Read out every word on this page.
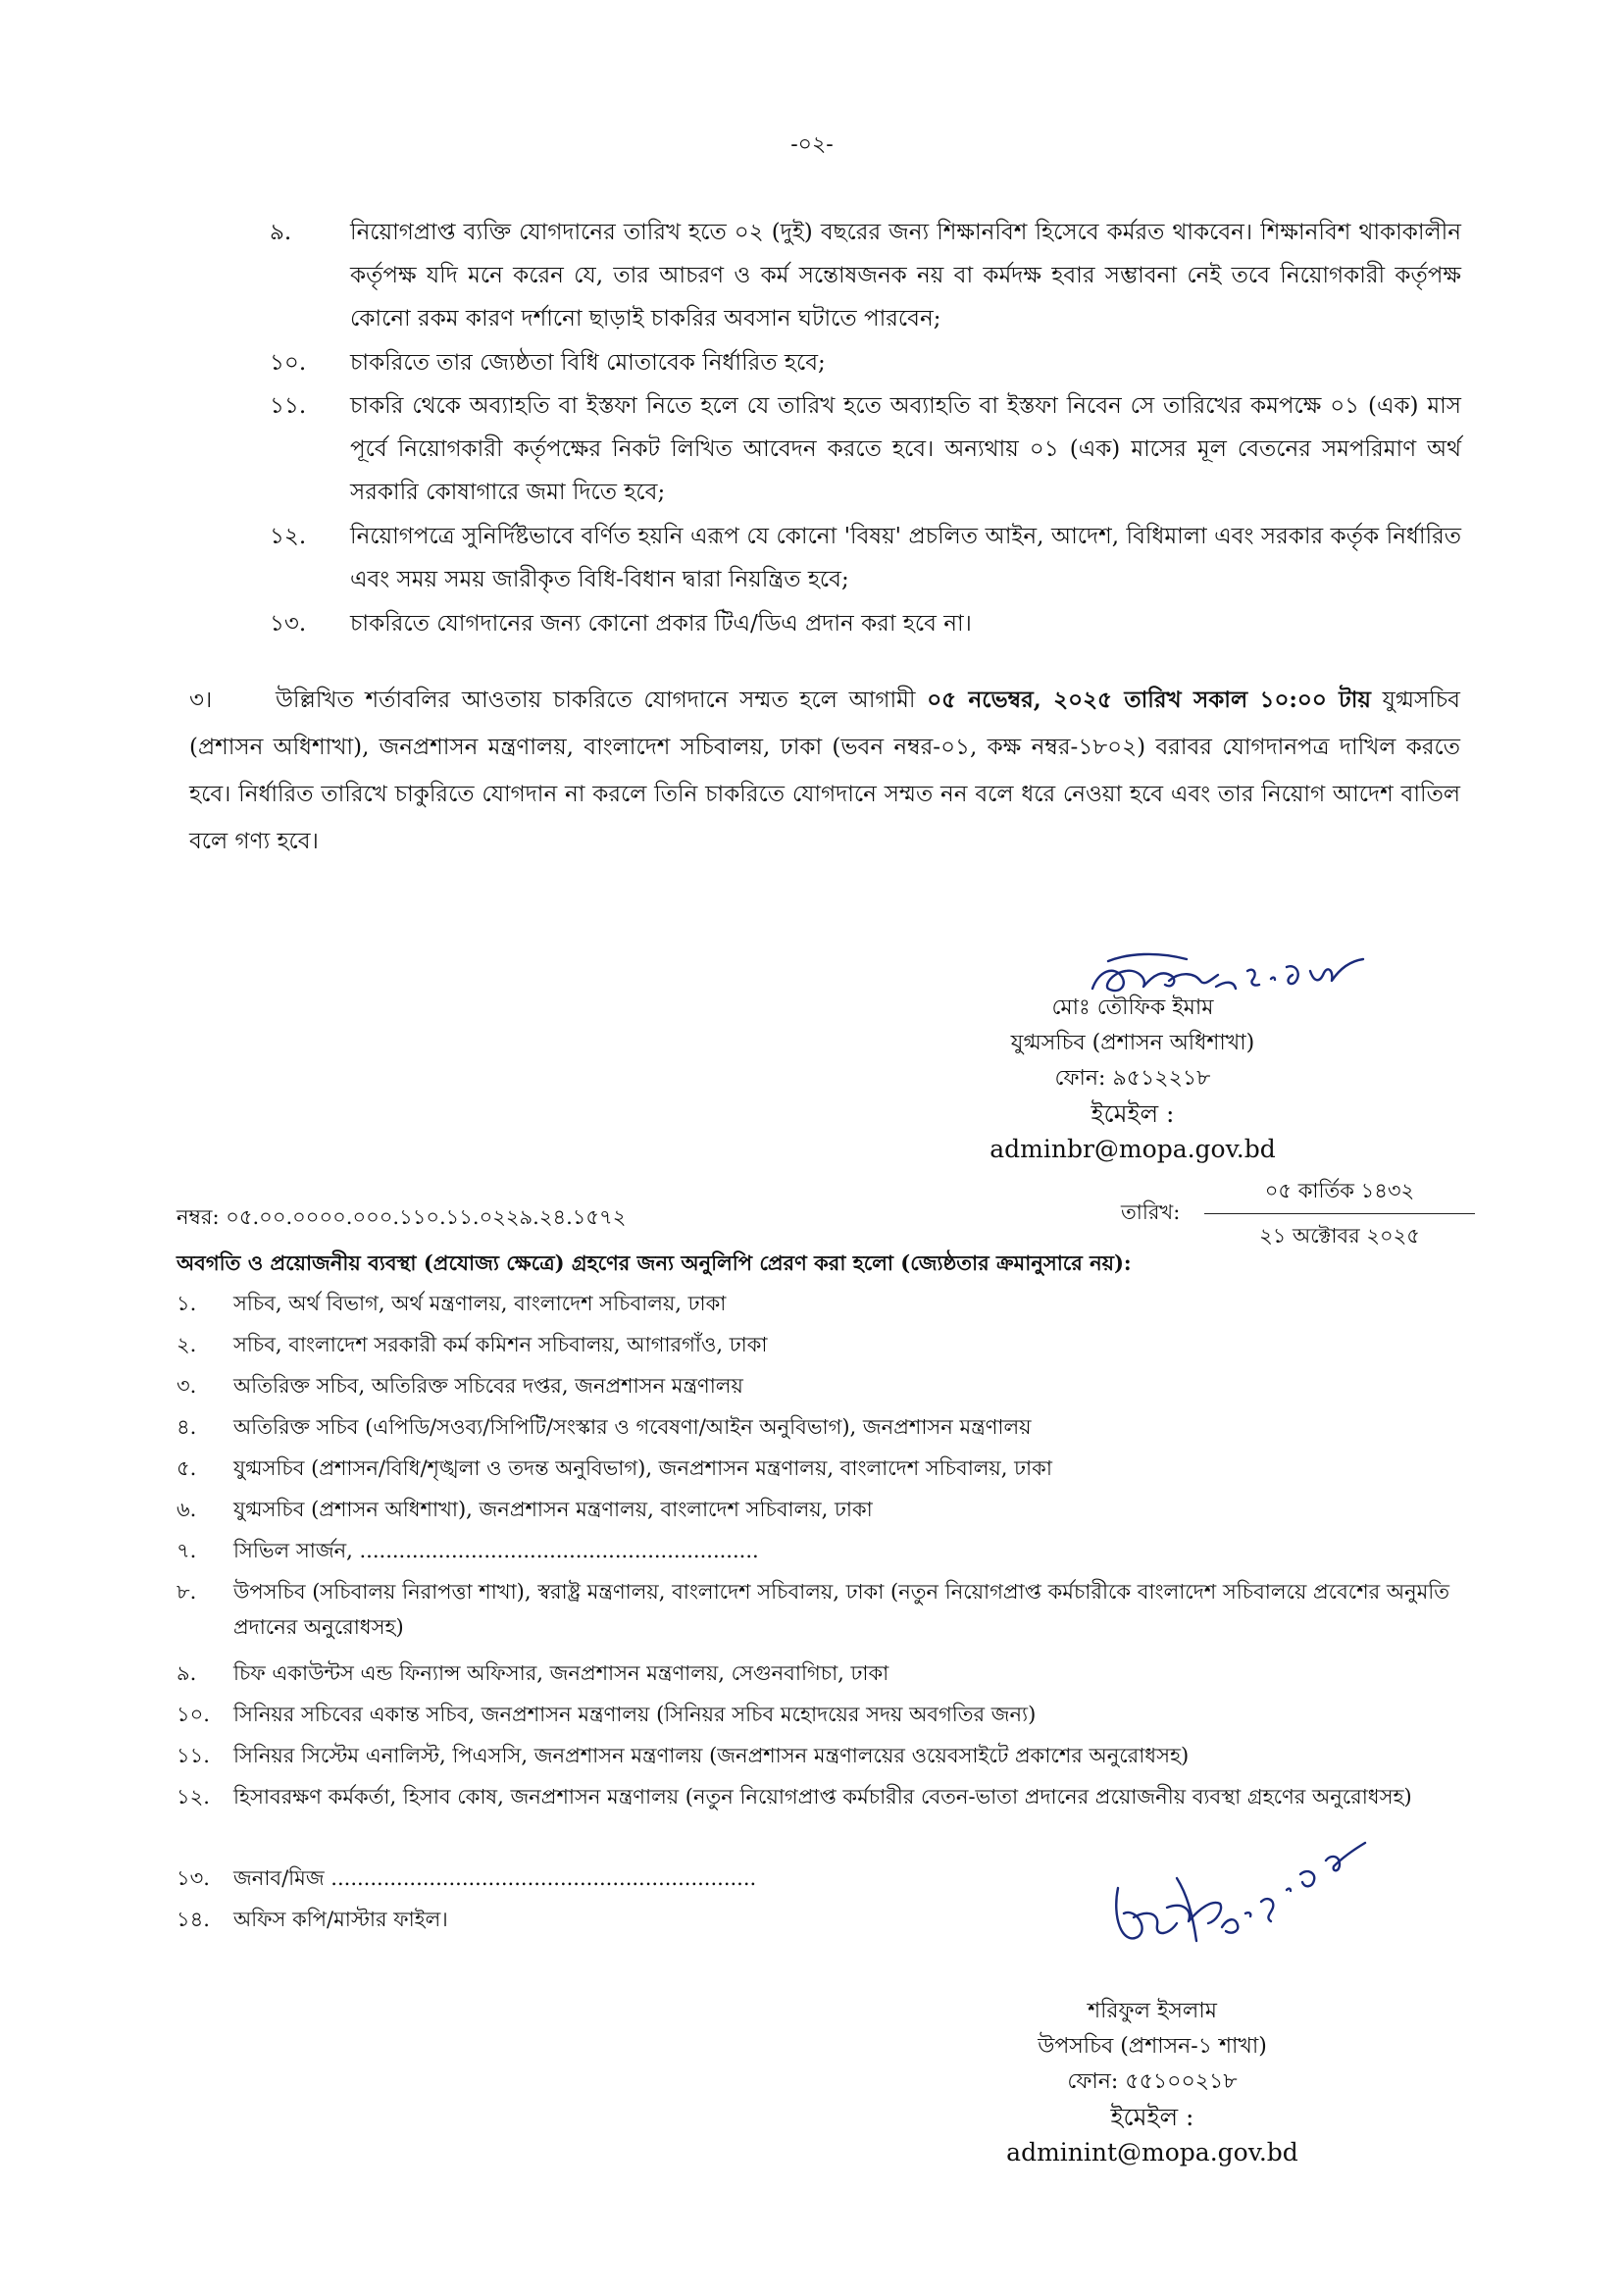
-০২-
৯.	নিয়োগপ্রাপ্ত ব্যক্তি যোগদানের তারিখ হতে ০২ (দুই) বছরের জন্য শিক্ষানবিশ হিসেবে কর্মরত থাকবেন। শিক্ষানবিশ থাকাকালীন কর্তৃপক্ষ যদি মনে করেন যে, তার আচরণ ও কর্ম সন্তোষজনক নয় বা কর্মদক্ষ হবার সম্ভাবনা নেই তবে নিয়োগকারী কর্তৃপক্ষ কোনো রকম কারণ দর্শানো ছাড়াই চাকরির অবসান ঘটাতে পারবেন;
১০. চাকরিতে তার জ্যেষ্ঠতা বিধি মোতাবেক নির্ধারিত হবে;
১১. চাকরি থেকে অব্যাহতি বা ইস্তফা নিতে হলে যে তারিখ হতে অব্যাহতি বা ইস্তফা নিবেন সে তারিখের কমপক্ষে ০১ (এক) মাস পূর্বে নিয়োগকারী কর্তৃপক্ষের নিকট লিখিত আবেদন করতে হবে। অন্যথায় ০১ (এক) মাসের মূল বেতনের সমপরিমাণ অর্থ সরকারি কোষাগারে জমা দিতে হবে;
১২. নিয়োগপত্রে সুনির্দিষ্টভাবে বর্ণিত হয়নি এরূপ যে কোনো 'বিষয়' প্রচলিত আইন, আদেশ, বিধিমালা এবং সরকার কর্তৃক নির্ধারিত এবং সময় সময় জারীকৃত বিধি-বিধান দ্বারা নিয়ন্ত্রিত হবে;
১৩. চাকরিতে যোগদানের জন্য কোনো প্রকার টিএ/ডিএ প্রদান করা হবে না।
৩।	উল্লিখিত শর্তাবলির আওতায় চাকরিতে যোগদানে সম্মত হলে আগামী ০৫ নভেম্বর, ২০২৫ তারিখ সকাল ১০:০০ টায় যুগ্মসচিব (প্রশাসন অধিশাখা), জনপ্রশাসন মন্ত্রণালয়, বাংলাদেশ সচিবালয়, ঢাকা (ভবন নম্বর-০১, কক্ষ নম্বর-১৮০২) বরাবর যোগদানপত্র দাখিল করতে হবে। নির্ধারিত তারিখে চাকুরিতে যোগদান না করলে তিনি চাকরিতে যোগদানে সম্মত নন বলে ধরে নেওয়া হবে এবং তার নিয়োগ আদেশ বাতিল বলে গণ্য হবে।
মোঃ তৌফিক ইমাম
যুগ্মসচিব (প্রশাসন অধিশাখা)
ফোন: ৯৫১২২১৮
ইমেইল : adminbr@mopa.gov.bd
নম্বর: ০৫.০০.০০০০.০০০.১১০.১১.০২২৯.২৪.১৫৭২	তারিখ:
০৫ কার্তিক ১৪৩২
২১ অক্টোবর ২০২৫
অবগতি ও প্রয়োজনীয় ব্যবস্থা (প্রযোজ্য ক্ষেত্রে) গ্রহণের জন্য অনুলিপি প্রেরণ করা হলো (জ্যেষ্ঠতার ক্রমানুসারে নয়):
১. সচিব, অর্থ বিভাগ, অর্থ মন্ত্রণালয়, বাংলাদেশ সচিবালয়, ঢাকা
২. সচিব, বাংলাদেশ সরকারী কর্ম কমিশন সচিবালয়, আগারগাঁও, ঢাকা
৩. অতিরিক্ত সচিব, অতিরিক্ত সচিবের দপ্তর, জনপ্রশাসন মন্ত্রণালয়
৪. অতিরিক্ত সচিব (এপিডি/সওব্য/সিপিটি/সংস্কার ও গবেষণা/আইন অনুবিভাগ), জনপ্রশাসন মন্ত্রণালয়
৫. যুগ্মসচিব (প্রশাসন/বিধি/শৃঙ্খলা ও তদন্ত অনুবিভাগ), জনপ্রশাসন মন্ত্রণালয়, বাংলাদেশ সচিবালয়, ঢাকা
৬. যুগ্মসচিব (প্রশাসন অধিশাখা), জনপ্রশাসন মন্ত্রণালয়, বাংলাদেশ সচিবালয়, ঢাকা
৭. সিভিল সার্জন, .............................................................
৮. উপসচিব (সচিবালয় নিরাপত্তা শাখা), স্বরাষ্ট্র মন্ত্রণালয়, বাংলাদেশ সচিবালয়, ঢাকা (নতুন নিয়োগপ্রাপ্ত কর্মচারীকে বাংলাদেশ সচিবালয়ে প্রবেশের অনুমতি প্রদানের অনুরোধসহ)
৯. চিফ একাউন্টস এন্ড ফিন্যান্স অফিসার, জনপ্রশাসন মন্ত্রণালয়, সেগুনবাগিচা, ঢাকা
১০. সিনিয়র সচিবের একান্ত সচিব, জনপ্রশাসন মন্ত্রণালয় (সিনিয়র সচিব মহোদয়ের সদয় অবগতির জন্য)
১১. সিনিয়র সিস্টেম এনালিস্ট, পিএসসি, জনপ্রশাসন মন্ত্রণালয় (জনপ্রশাসন মন্ত্রণালয়ের ওয়েবসাইটে প্রকাশের অনুরোধসহ)
১২. হিসাবরক্ষণ কর্মকর্তা, হিসাব কোষ, জনপ্রশাসন মন্ত্রণালয় (নতুন নিয়োগপ্রাপ্ত কর্মচারীর বেতন-ভাতা প্রদানের প্রয়োজনীয় ব্যবস্থা গ্রহণের অনুরোধসহ)
১৩. জনাব/মিজ .................................................................
১৪. অফিস কপি/মাস্টার ফাইল।
শরিফুল ইসলাম
উপসচিব (প্রশাসন-১ শাখা)
ফোন: ৫৫১০০২১৮
ইমেইল : adminint@mopa.gov.bd
